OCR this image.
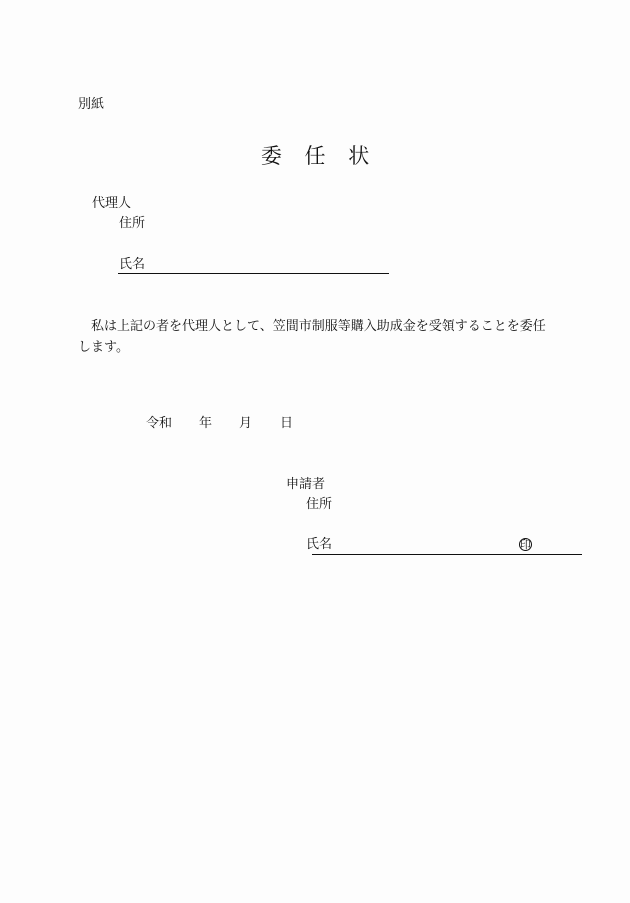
別紙
委 任 状
代理人
住所
氏名
私は上記の者を代理人として、笠間市制服等購入助成金を受領することを委任します。
令和 年 月 日
申請者
住所
氏名	印
